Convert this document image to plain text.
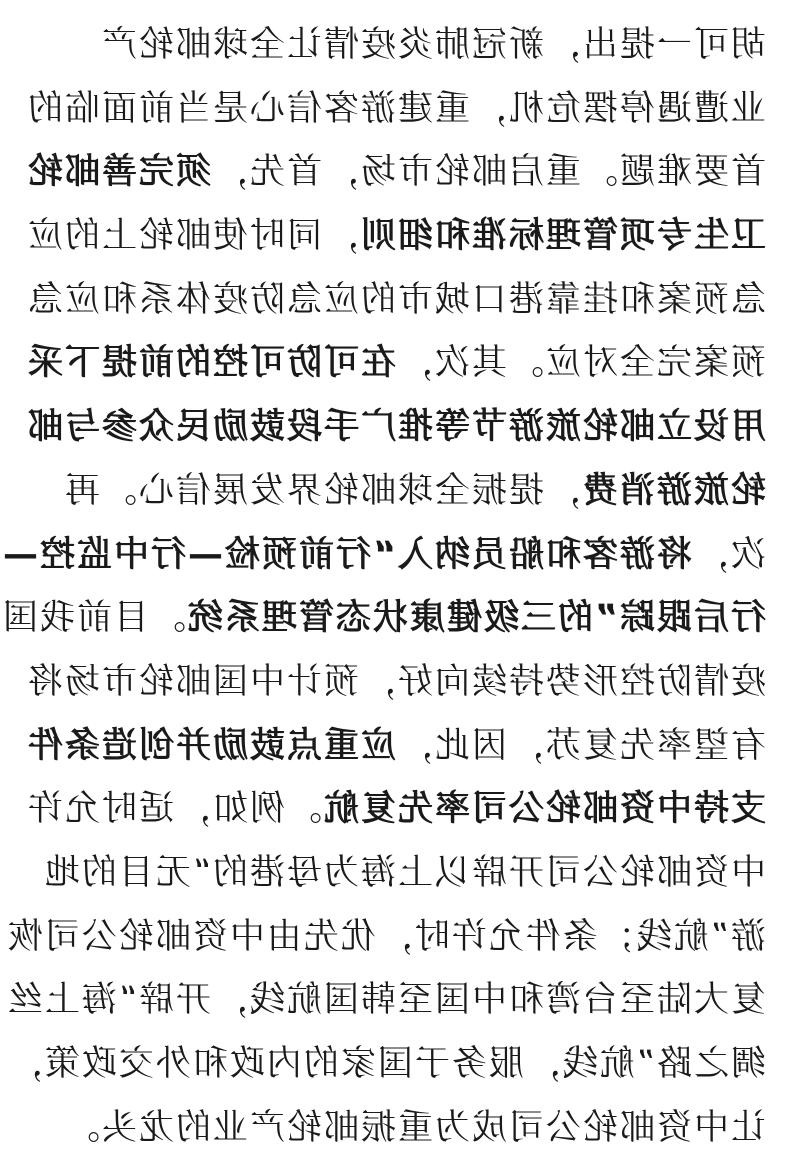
胡可一提出，新冠肺炎疫情让全球邮轮产
业遭遇停摆危机，重建游客信心是当前面临的
首要难题。重启邮轮市场，首先，须完善邮轮
卫生专项管理标准和细则，同时使邮轮上的应
急预案和挂靠港口城市的应急防疫体系和应急
预案完全对应。其次，在可防可控的前提下采
用设立邮轮旅游节等推广手段鼓励民众参与邮
轮旅游消费，提振全球邮轮界发展信心。再
次，将游客和船员纳入“行前预检—行中监控—
行后跟踪”的三级健康状态管理系统。目前我国
疫情防控形势持续向好，预计中国邮轮市场将
有望率先复苏，因此，应重点鼓励并创造条件
支持中资邮轮公司率先复航。例如，适时允许
中资邮轮公司开辟以上海为母港的“无目的地
游”航线；条件允许时，优先由中资邮轮公司恢
复大陆至台湾和中国至韩国航线，开辟“海上丝
绸之路”航线，服务于国家的内政和外交政策，
让中资邮轮公司成为重振邮轮产业的龙头。
